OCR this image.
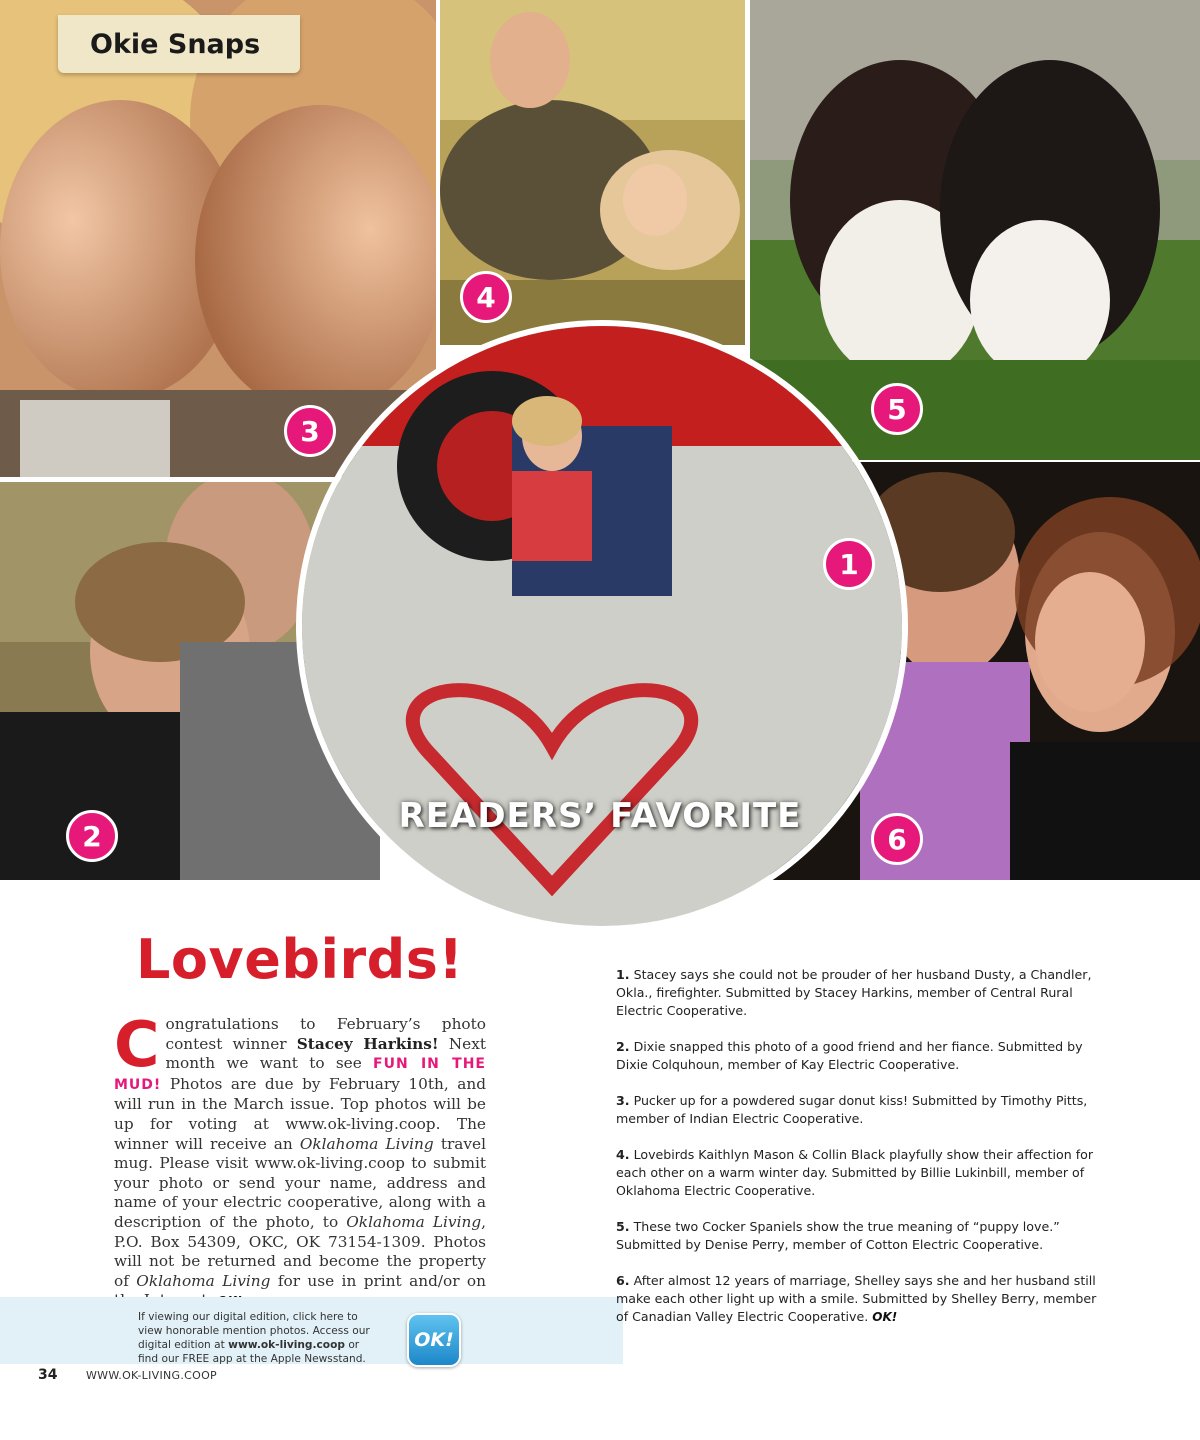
Okie Snaps
3
4
5
2	6
1
READERS’ FAVORITE
Lovebirds!
Congratulations to February’s photo contest winner Stacey Harkins! Next month we want to see FUN IN THE MUD! Photos are due by February 10th, and will run in the March issue. Top photos will be up for voting at www.ok-living.coop. The winner will receive an Oklahoma Living travel mug. Please visit www.ok-living.coop to submit your photo or send your name, address and name of your electric cooperative, along with a description of the photo, to Oklahoma Living, P.O. Box 54309, OKC, OK 73154-1309. Photos will not be returned and become the property of Oklahoma Living for use in print and/or on
If viewing our digital edition, click here to view honorable mention photos. Access our digital edition at www.ok-living.coop or find our FREE app at the Apple Newsstand.
OK!
1. Stacey says she could not be prouder of her husband Dusty, a Chandler, Okla., firefighter. Submitted by Stacey Harkins, member of Central Rural Electric Cooperative.
2. Dixie snapped this photo of a good friend and her fiance. Submitted by Dixie Colquhoun, member of Kay Electric Cooperative.
3. Pucker up for a powdered sugar donut kiss! Submitted by Timothy Pitts, member of Indian Electric Cooperative.
4. Lovebirds Kaithlyn Mason & Collin Black playfully show their affection for each other on a warm winter day. Submitted by Billie Lukinbill, member of Oklahoma Electric Cooperative.
5. These two Cocker Spaniels show the true meaning of “puppy love.” Submitted by Denise Perry, member of Cotton Electric Cooperative.
6. After almost 12 years of marriage, Shelley says she and her husband still make each other light up with a smile. Submitted by Shelley Berry, member of Canadian Valley Electric Cooperative. OK!
34	WWW.OK-LIVING.COOP
